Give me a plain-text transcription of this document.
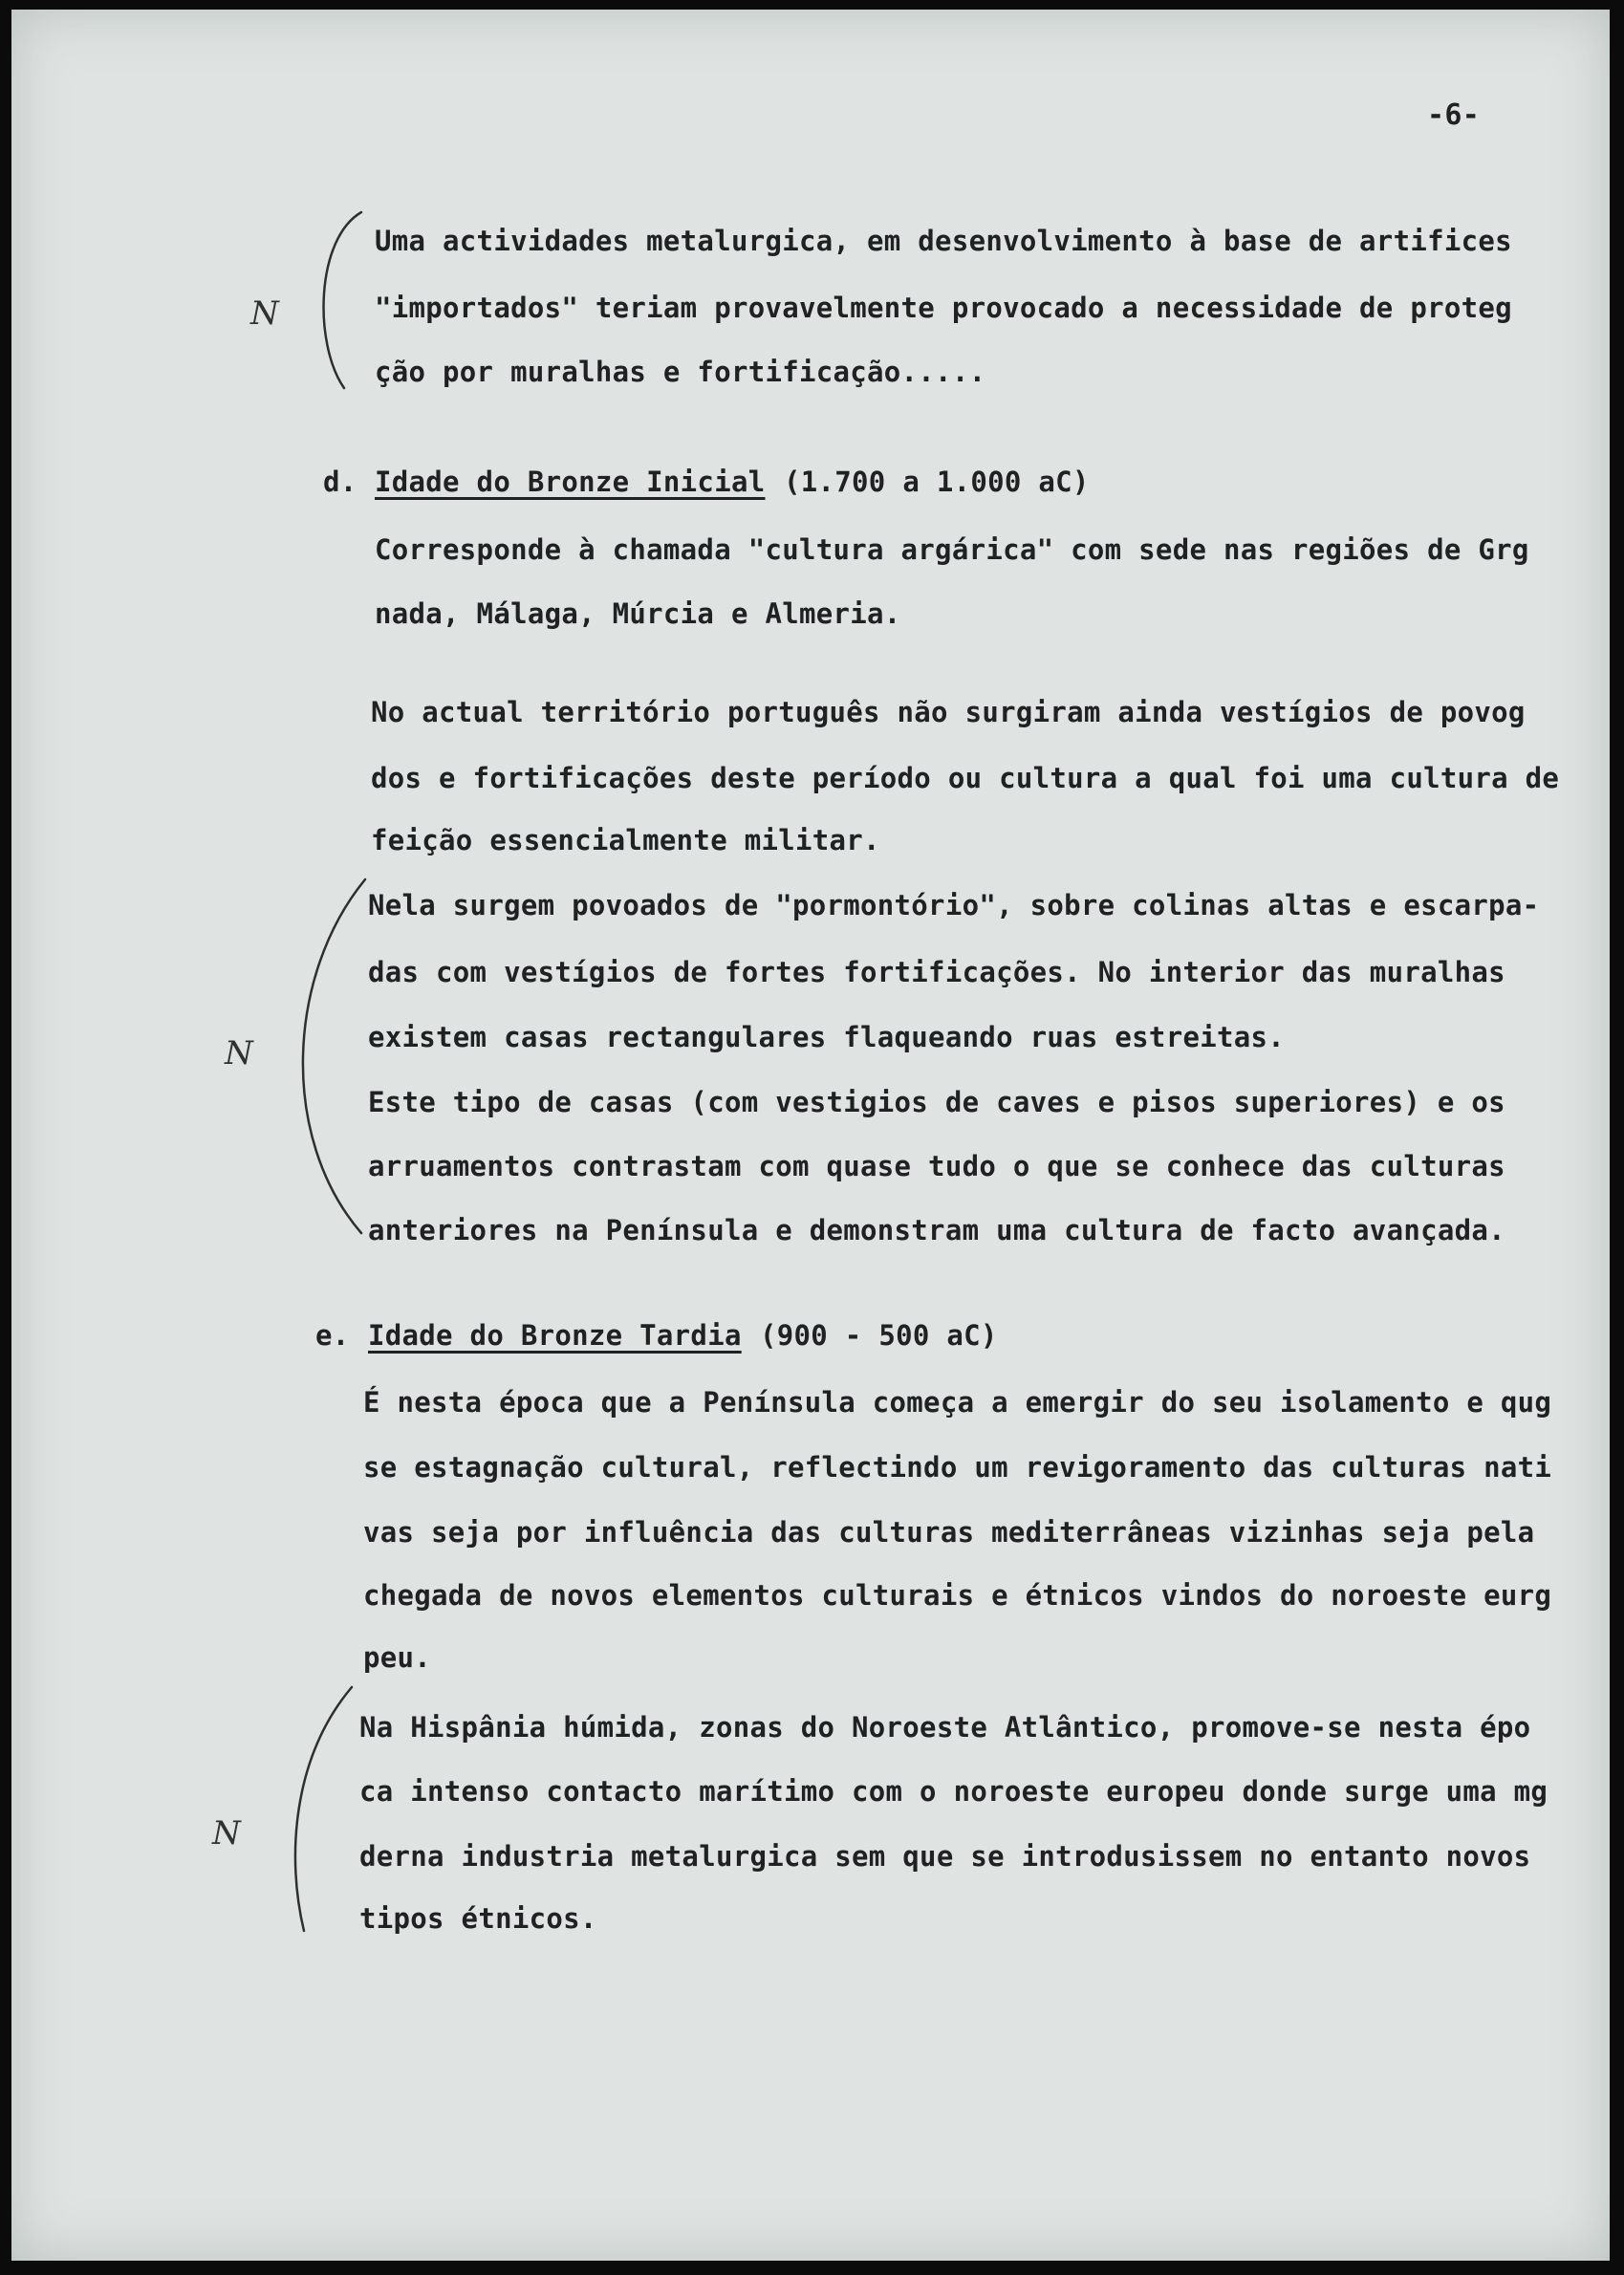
-6-
Uma actividades metalurgica, em desenvolvimento à base de artifices
"importados" teriam provavelmente provocado a necessidade de proteg
ção por muralhas e fortificação.....
d. Idade do Bronze Inicial (1.700 a 1.000 aC)
Corresponde à chamada "cultura argárica" com sede nas regiões de Grg
nada, Málaga, Múrcia e Almeria.
No actual território português não surgiram ainda vestígios de povog
dos e fortificações deste período ou cultura a qual foi uma cultura de
feição essencialmente militar.
Nela surgem povoados de "pormontório", sobre colinas altas e escarpa-
das com vestígios de fortes fortificações. No interior das muralhas
existem casas rectangulares flaqueando ruas estreitas.
Este tipo de casas (com vestigios de caves e pisos superiores) e os
arruamentos contrastam com quase tudo o que se conhece das culturas
anteriores na Península e demonstram uma cultura de facto avançada.
e. Idade do Bronze Tardia (900 - 500 aC)
É nesta época que a Península começa a emergir do seu isolamento e qug
se estagnação cultural, reflectindo um revigoramento das culturas nati
vas seja por influência das culturas mediterrâneas vizinhas seja pela
chegada de novos elementos culturais e étnicos vindos do noroeste eurg
peu.
Na Hispânia húmida, zonas do Noroeste Atlântico, promove-se nesta épo
ca intenso contacto marítimo com o noroeste europeu donde surge uma mg
derna industria metalurgica sem que se introdusissem no entanto novos
tipos étnicos.
N
N
N
